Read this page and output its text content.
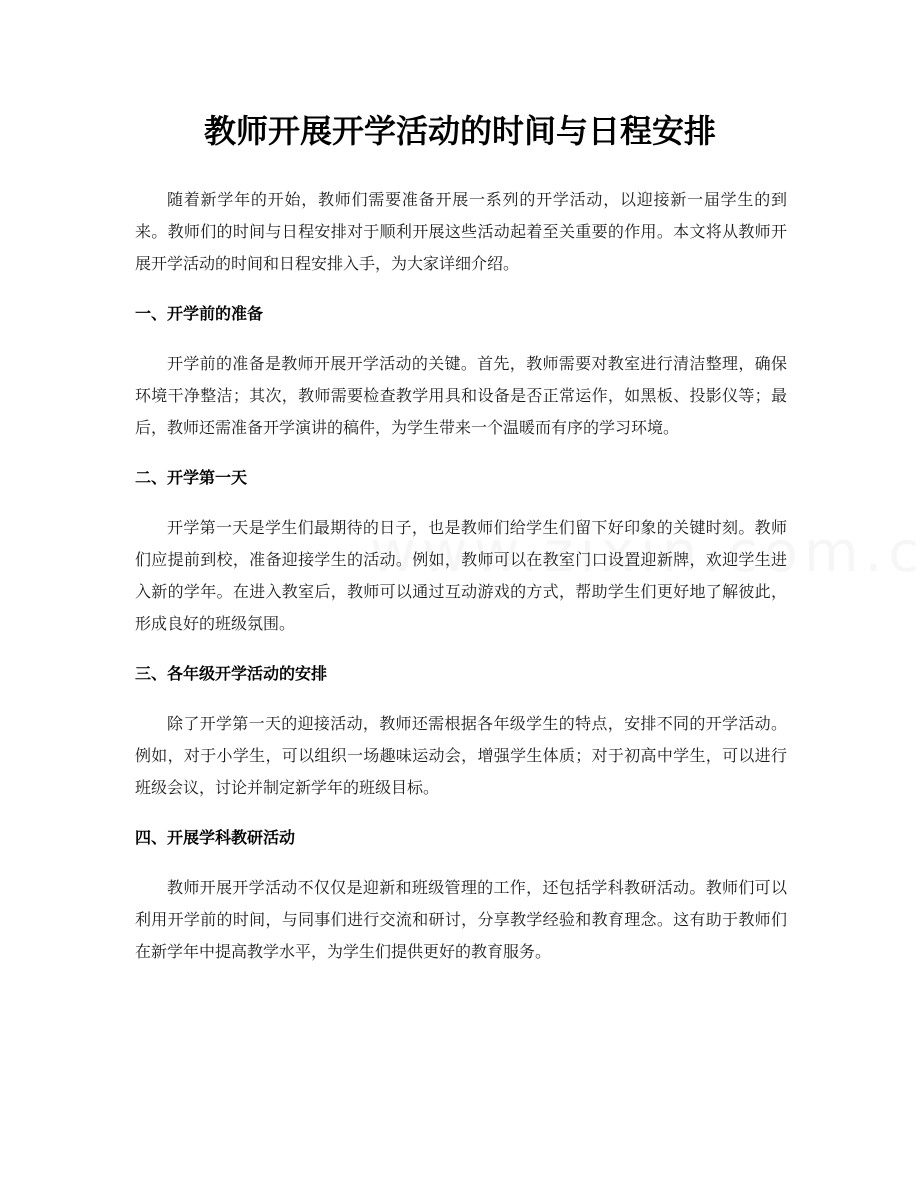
教师开展开学活动的时间与日程安排

随着新学年的开始，教师们需要准备开展一系列的开学活动，以迎接新一届学生的到来。教师们的时间与日程安排对于顺利开展这些活动起着至关重要的作用。本文将从教师开展开学活动的时间和日程安排入手，为大家详细介绍。

一、开学前的准备

开学前的准备是教师开展开学活动的关键。首先，教师需要对教室进行清洁整理，确保环境干净整洁；其次，教师需要检查教学用具和设备是否正常运作，如黑板、投影仪等；最后，教师还需准备开学演讲的稿件，为学生带来一个温暖而有序的学习环境。

二、开学第一天

开学第一天是学生们最期待的日子，也是教师们给学生们留下好印象的关键时刻。教师们应提前到校，准备迎接学生的活动。例如，教师可以在教室门口设置迎新牌，欢迎学生进入新的学年。在进入教室后，教师可以通过互动游戏的方式，帮助学生们更好地了解彼此，形成良好的班级氛围。

三、各年级开学活动的安排

除了开学第一天的迎接活动，教师还需根据各年级学生的特点，安排不同的开学活动。例如，对于小学生，可以组织一场趣味运动会，增强学生体质；对于初高中学生，可以进行班级会议，讨论并制定新学年的班级目标。

四、开展学科教研活动

教师开展开学活动不仅仅是迎新和班级管理的工作，还包括学科教研活动。教师们可以利用开学前的时间，与同事们进行交流和研讨，分享教学经验和教育理念。这有助于教师们在新学年中提高教学水平，为学生们提供更好的教育服务。
